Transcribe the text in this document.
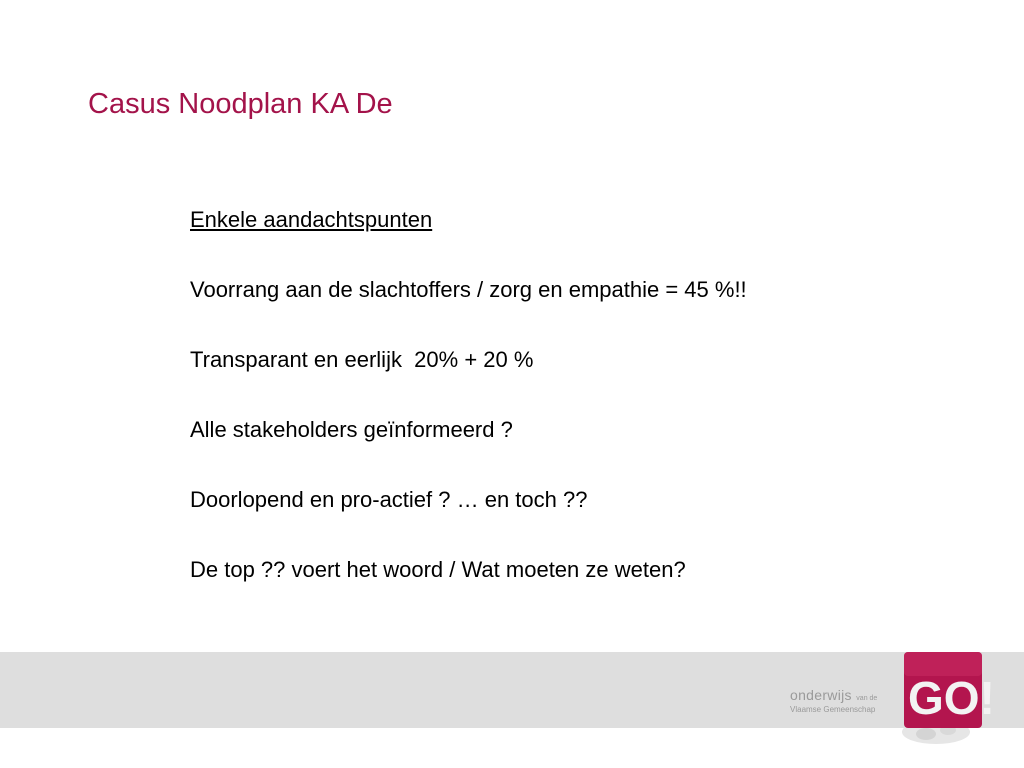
Casus Noodplan KA De
Enkele aandachtspunten
Voorrang aan de slachtoffers / zorg en empathie = 45 %!!
Transparant en eerlijk  20% + 20 %
Alle stakeholders geïnformeerd ?
Doorlopend en pro-actief ? … en toch ??
De top ?? voert het woord / Wat moeten ze weten?
onderwijs van de
Vlaamse Gemeenschap GO!
